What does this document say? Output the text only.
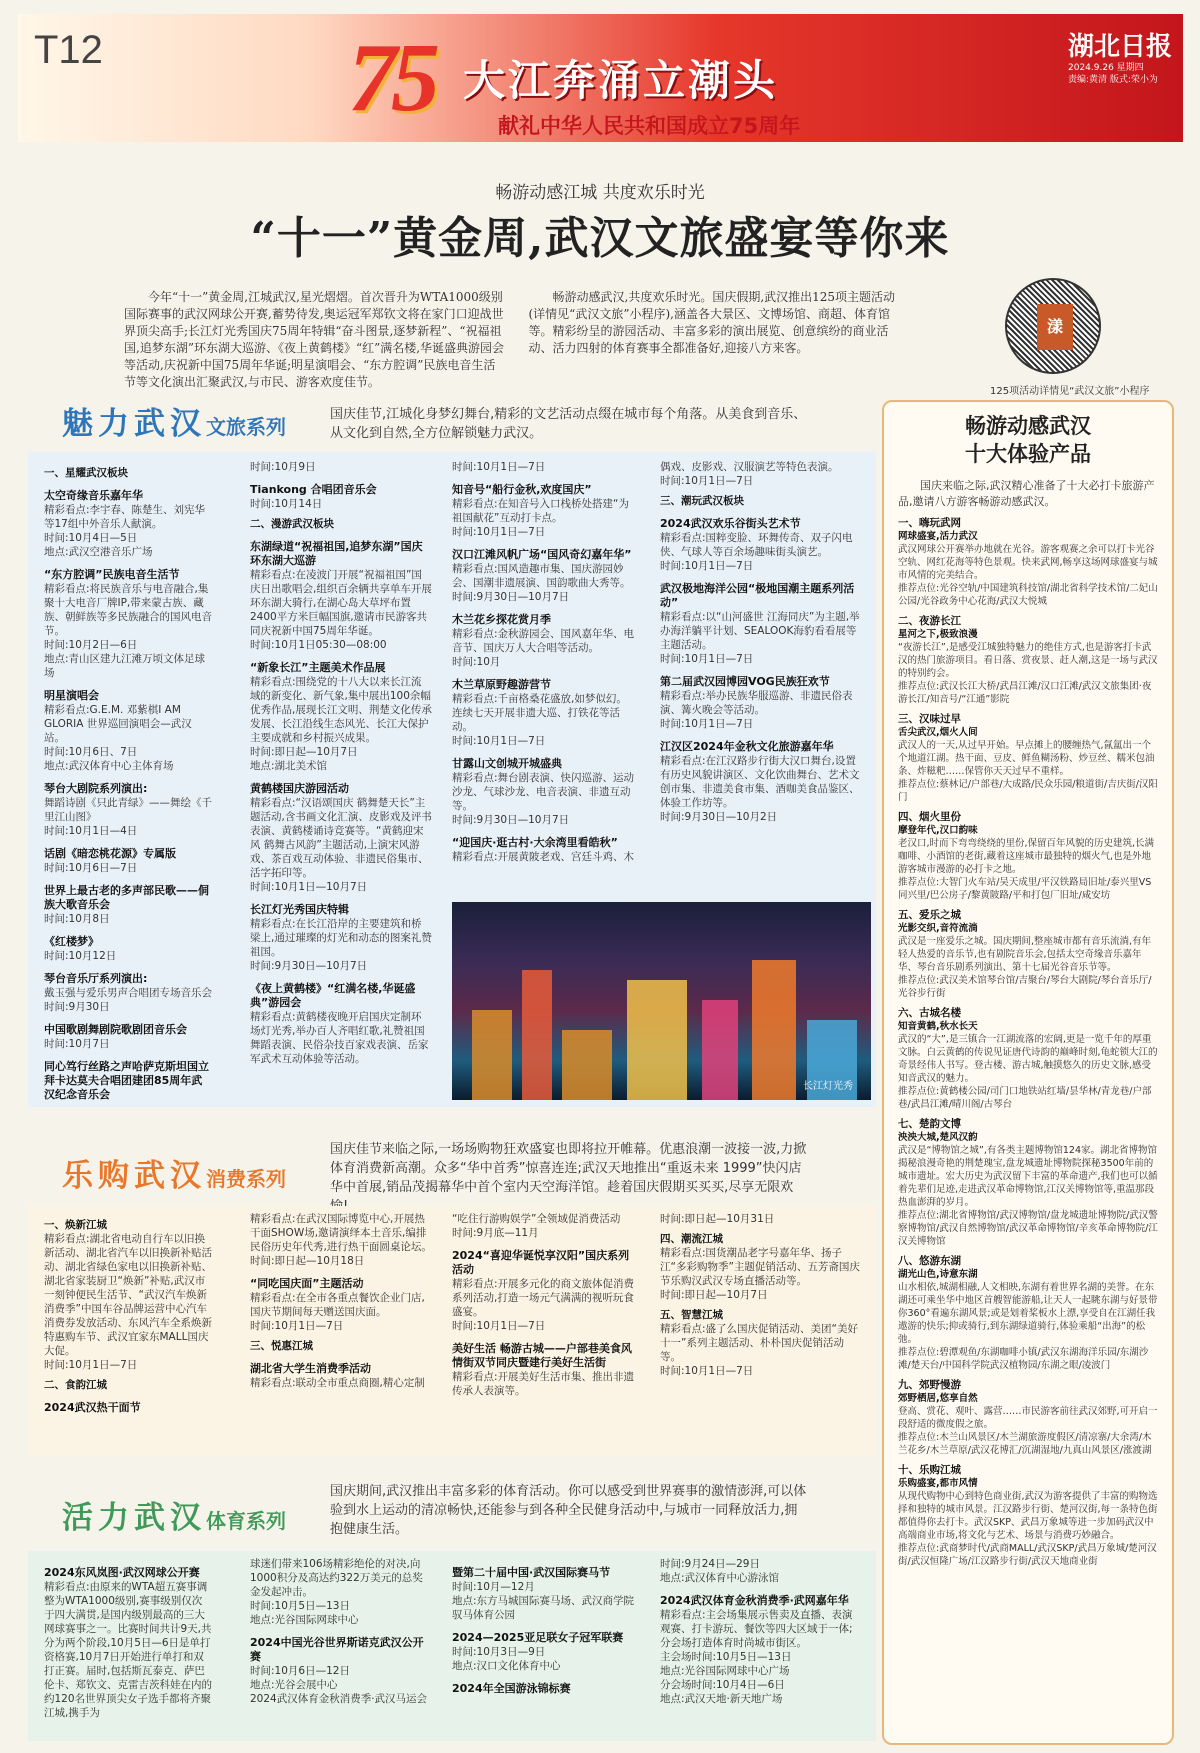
T12	75 大江奔涌立潮头
献礼中华人民共和国成立75周年
湖北日报
2024.9.26 星期四
责编:黄清 版式:荣小为
畅游动感江城 共度欢乐时光
“十一”黄金周,武汉文旅盛宴等你来

今年“十一”黄金周,江城武汉,星光熠熠。首次晋升为WTA1000级别国际赛事的武汉网球公开赛,蓄势待发,奥运冠军郑钦文将在家门口迎战世界顶尖高手;长江灯光秀国庆75周年特辑“奋斗图景,逐梦新程”、“祝福祖国,追梦东湖”环东湖大巡游、《夜上黄鹤楼》“红”满名楼,华诞盛典游园会等活动,庆祝新中国75周年华诞;明星演唱会、“东方腔调”民族电音生活节等文化演出汇聚武汉,与市民、游客欢度佳节。

畅游动感武汉,共度欢乐时光。国庆假期,武汉推出125项主题活动(详情见“武汉文旅”小程序),涵盖各大景区、文博场馆、商超、体育馆等。精彩纷呈的游园活动、丰富多彩的演出展览、创意缤纷的商业活动、活力四射的体育赛事全都准备好,迎接八方来客。

漾
125项活动详情见“武汉文旅”小程序
魅力武汉文旅系列
国庆佳节,江城化身梦幻舞台,精彩的文艺活动点缀在城市每个角落。从美食到音乐、从文化到自然,全方位解锁魅力武汉。

一、星耀武汉板块

太空奇缘音乐嘉年华

精彩看点:李宇春、陈楚生、刘宪华等17组中外音乐人献演。

时间:10月4日—5日

地点:武汉空港音乐广场

“东方腔调”民族电音生活节

精彩看点:将民族音乐与电音融合,集聚十大电音厂牌IP,带来蒙古族、藏族、朝鲜族等多民族融合的国风电音节。

时间:10月2日—6日

地点:青山区建九江滩万顷文体足球场

明星演唱会

精彩看点:G.E.M. 邓紫棋I AM GLORIA 世界巡回演唱会—武汉站。

时间:10月6日、7日

地点:武汉体育中心主体育场

琴台大剧院系列演出:

舞蹈诗剧《只此青绿》——舞绘《千里江山图》

时间:10月1日—4日

话剧《暗恋桃花源》专属版

时间:10月6日—7日

世界上最古老的多声部民歌——侗族大歌音乐会

时间:10月8日

《红楼梦》

时间:10月12日

琴台音乐厅系列演出:

戴玉强与爱乐男声合唱团专场音乐会

时间:9月30日

中国歌剧舞剧院歌剧团音乐会

时间:10月7日

同心笃行丝路之声哈萨克斯坦国立拜卡达莫夫合唱团建团85周年武汉纪念音乐会

时间:10月9日

Tiankong 合唱团音乐会

时间:10月14日

二、漫游武汉板块

东湖绿道“祝福祖国,追梦东湖”国庆环东湖大巡游

精彩看点:在凌波门开展“祝福祖国”国庆日出歌唱会,组织百余辆共享单车开展环东湖大骑行,在湖心岛大草坪布置2400平方米巨幅国旗,邀请市民游客共同庆祝新中国75周年华诞。

时间:10月1日05:30—08:00

“新象长江”主题美术作品展

精彩看点:围绕党的十八大以来长江流域的新变化、新气象,集中展出100余幅优秀作品,展现长江文明、荆楚文化传承发展、长江沿线生态风光、长江大保护主要成就和乡村振兴成果。

时间:即日起—10月7日

地点:湖北美术馆

黄鹤楼国庆游园活动

精彩看点:“汉语颂国庆 鹤舞楚天长”主题活动,含书画文化汇演、皮影戏及评书表演、黄鹤楼诵诗竞赛等。“黄鹤迎宋风 鹤舞古风韵”主题活动,上演宋风游戏、茶百戏互动体验、非遗民俗集市、活字拓印等。

时间:10月1日—10月7日

长江灯光秀国庆特辑

精彩看点:在长江沿岸的主要建筑和桥梁上,通过璀璨的灯光和动态的图案礼赞祖国。

时间:9月30日—10月7日

《夜上黄鹤楼》“红满名楼,华诞盛典”游园会

精彩看点:黄鹤楼夜晚开启国庆定制环场灯光秀,举办百人齐唱红歌,礼赞祖国舞蹈表演、民俗杂技百家戏表演、岳家军武术互动体验等活动。

时间:10月1日—7日

知音号“船行金秋,欢度国庆”

精彩看点:在知音号入口栈桥处搭建“为祖国献花”互动打卡点。

时间:10月1日—7日

汉口江滩风帆广场“国风奇幻嘉年华”

精彩看点:国风造趣市集、国庆游园妙会、国潮非遗展演、国韵歌曲大秀等。

时间:9月30日—10月7日

木兰花乡探花赏月季

精彩看点:金秋游园会、国风嘉年华、电音节、国庆万人大合唱等活动。

时间:10月

木兰草原野趣游营节

精彩看点:千亩格桑花盛放,如梦似幻。连续七天开展非遗大巡、打铁花等活动。

时间:10月1日—7日

甘露山文创城开城盛典

精彩看点:舞台剧表演、快闪巡游、运动沙龙、气球沙龙、电音表演、非遗互动等。

时间:9月30日—10月7日

“迎国庆·逛古村·大余湾里看皓秋”

精彩看点:开展黄陂老戏、宫廷斗鸡、木

偶戏、皮影戏、汉服演艺等特色表演。

时间:10月1日—7日

三、潮玩武汉板块

2024武汉欢乐谷街头艺术节

精彩看点:国粹变脸、环舞传奇、双子闪电侠、气球人等百余场趣味街头演艺。

时间:10月1日—7日

武汉极地海洋公园“极地国潮主题系列活动”

精彩看点:以“山河盛世 江海同庆”为主题,举办海洋躺平计划、SEALOOK海豹看看展等主题活动。

时间:10月1日—7日

第二届武汉园博园VOG民族狂欢节

精彩看点:举办民族华服巡游、非遗民俗表演、篝火晚会等活动。

时间:10月1日—7日

江汉区2024年金秋文化旅游嘉年华

精彩看点:在江汉路步行街大汉口舞台,设置有历史风貌讲演区、文化饮曲舞台、艺术文创市集、非遗美食市集、酒咖美食品鉴区、体验工作坊等。

时间:9月30日—10月2日

长江灯光秀
乐购武汉消费系列
国庆佳节来临之际,一场场购物狂欢盛宴也即将拉开帷幕。优惠浪潮一波接一波,力掀体育消费新高潮。众多“华中首秀”惊喜连连;武汉天地推出“重返未来 1999”快闪店华中首展,销品茂揭幕华中首个室内天空海洋馆。趁着国庆假期买买买,尽享无限欢

一、焕新江城

精彩看点:湖北省电动自行车以旧换新活动、湖北省汽车以旧换新补贴活动、湖北省绿色家电以旧换新补贴、湖北省家装厨卫“焕新”补贴,武汉市一刻钟便民生活节、“武汉汽车焕新消费季”中国车谷品牌运营中心汽车消费券发放活动、东风汽车全系焕新特惠购车节、武汉宜家东MALL国庆大促。

时间:10月1日—7日

二、食韵江城

2024武汉热干面节

精彩看点:在武汉国际博览中心,开展热干面SHOW场,邀请演绎本土音乐,编排民俗历史年代秀,进行热干面圆桌论坛。

时间:即日起—10月18日

“同吃国庆面”主题活动

精彩看点:在全市各重点餐饮企业门店,国庆节期间每天赠送国庆面。

时间:10月1日—7日

三、悦惠江城

湖北省大学生消费季活动

精彩看点:联动全市重点商圈,精心定制

“吃住行游购娱学”全领域促消费活动

时间:9月底—11月

2024“喜迎华诞悦享汉阳”国庆系列活动

精彩看点:开展多元化的商文旅体促消费系列活动,打造一场元气满满的视听玩食盛宴。

时间:10月1日—7日

美好生活 畅游古城——户部巷美食风情街双节同庆暨建行美好生活街

精彩看点:开展美好生活市集、推出非遗传承人表演等。

时间:即日起—10月31日

四、潮流江城

精彩看点:国货潮品老字号嘉年华、扬子江“多彩购物季”主题促销活动、五芳斋国庆节乐购汉武汉专场直播活动等。

时间:即日起—10月7日

五、智慧江城

精彩看点:盛了么国庆促销活动、美团“美好十一”系列主题活动、朴朴国庆促销活动等。

时间:10月1日—7日

活力武汉体育系列
国庆期间,武汉推出丰富多彩的体育活动。你可以感受到世界赛事的激情澎湃,可以体验到水上运动的清凉畅快,还能参与到各种全民健身活动中,与城市一同释放活力,拥抱健康生活。

2024东风岚图·武汉网球公开赛

精彩看点:由原来的WTA超五赛事调整为WTA1000级别,赛事级别仅次于四大满贯,是国内级别最高的三大网球赛事之一。比赛时间共计9天,共分为两个阶段,10月5日—6日是单打资格赛,10月7日开始进行单打和双打正赛。届时,包括斯瓦泰克、萨巴伦卡、郑钦文、克雷吉茨科娃在内的约120名世界顶尖女子选手都将齐聚江城,携手为

球迷们带来106场精彩绝伦的对决,向1000积分及高达约322万美元的总奖金发起冲击。

时间:10月5日—13日

地点:光谷国际网球中心

2024中国光谷世界斯诺克武汉公开赛

时间:10月6日—12日

地点:光谷会展中心

2024武汉体育金秋消费季·武汉马运会

暨第二十届中国·武汉国际赛马节

时间:10月—12月

地点:东方马城国际赛马场、武汉商学院驭马体育公园

2024—2025亚足联女子冠军联赛

时间:10月3日—9日

地点:汉口文化体育中心

2024年全国游泳锦标赛

时间:9月24日—29日

地点:武汉体育中心游泳馆

2024武汉体育金秋消费季·武网嘉年华

精彩看点:主会场集展示售卖及直播、表演观赛、打卡游玩、餐饮等四大区域于一体;分会场打造体育时尚城市街区。

主会场时间:10月5日—13日

地点:光谷国际网球中心广场

分会场时间:10月4日—6日

地点:武汉天地·新天地广场

畅游动感武汉
十大体验产品
国庆来临之际,武汉精心准备了十大必打卡旅游产品,邀请八方游客畅游动感武汉。

一、嗨玩武网

网球盛宴,活力武汉

武汉网球公开赛举办地就在光谷。游客观赛之余可以打卡光谷空轨、网红花海等特色景观。快来武网,畅享这场网球盛宴与城市风情的完美结合。

推荐点位:光谷空轨/中国建筑科技馆/湖北省科学技术馆/二妃山公园/光谷政务中心花海/武汉大悦城

二、夜游长江

星河之下,极致浪漫

“夜游长江”,是感受江城独特魅力的绝佳方式,也是游客打卡武汉的热门旅游项目。看日落、赏夜景、赶人潮,这是一场与武汉的特别约会。

推荐点位:武汉长江大桥/武昌江滩/汉口江滩/武汉文旅集团·夜游长江/知音号/“江通”影院

三、汉味过早

舌尖武汉,烟火人间

武汉人的一天,从过早开始。早点摊上的腰缠热气,氤氲出一个个地道江湖。热干面、豆皮、鲜鱼糊汤粉、炒豆丝、糯米包油条、炸糍粑……保管你天天过早不重样。

推荐点位:蔡林记/户部巷/大成路/民众乐园/粮道街/吉庆街/汉阳门

四、烟火里份

摩登年代,汉口韵味

老汉口,时而下弯弯绕绕的里份,保留百年风貌的历史建筑,长满咖啡、小酒馆的老街,藏着这座城市最独特的烟火气,也是外地游客城市漫游的必打卡之地。

推荐点位:大智门火车站/吴天成里/平汉铁路局旧址/泰兴里VS同兴里/巴公房子/黎黄陂路/平和打包厂旧址/咸安坊

五、爱乐之城

光影交织,音符流淌

武汉是一座爱乐之城。国庆期间,整座城市都有音乐流淌,有年轻人热爱的音乐节,也有剧院音乐会,包括太空奇缘音乐嘉年华、琴台音乐剧系列演出、第十七届光谷音乐节等。

推荐点位:武汉美术馆琴台馆/吉聚台/琴台大剧院/琴台音乐厅/光谷步行街

六、古城名楼

知音黄鹤,秋水长天

武汉的“大”,是三镇合一江湖流落的宏阔,更是一览千年的厚重文脉。白云黄鹤的传说见证唐代诗韵的巅峰时刻,龟蛇锁大江的奇景经伟人书写。登古楼、游古城,触摸悠久的历史文脉,感受知音武汉的魅力。

推荐点位:黄鹤楼公园/司门口地铁站红墙/昙华林/青龙巷/户部巷/武昌江滩/晴川阁/古琴台

七、楚韵文博

泱泱大城,楚风汉韵

武汉是“博物馆之城”,有各类主题博物馆124家。湖北省博物馆揭秘浪漫奇艳的荆楚瑰宝,盘龙城遗址博物院探秘3500年前的城市遗址。宏大历史为武汉留下丰富的革命遗产,我们也可以循着先辈们足迹,走进武汉革命博物馆,江汉关博物馆等,重温那段热血澎湃的岁月。

推荐点位:湖北省博物馆/武汉博物馆/盘龙城遗址博物院/武汉警察博物馆/武汉自然博物馆/武汉革命博物馆/辛亥革命博物院/江汉关博物馆

八、悠游东湖

湖光山色,诗意东湖

山水相依,城湖相融,人文相映,东湖有着世界名湖的美誉。在东湖还可乘坐华中地区首艘智能游船,让天人一起眺东湖与好景带你360°看遍东湖风景;或是划着桨板水上漂,享受自在江湖任我遨游的快乐;抑或骑行,到东湖绿道骑行,体验乘船“出海”的松弛。

推荐点位:碧潭观鱼/东湖咖啡小镇/武汉东湖海洋乐园/东湖沙滩/楚天台/中国科学院武汉植物园/东湖之眼/凌波门

九、郊野慢游

郊野栖居,悠享自然

登高、赏花、观叶、露营……市民游客前往武汉郊野,可开启一段舒适的微度假之旅。

推荐点位:木兰山风景区/木兰湖旅游度假区/清凉寨/大余湾/木兰花乡/木兰草原/武汉花博汇/沉湖湿地/九真山风景区/涨渡湖

十、乐购江城

乐购盛宴,都市风情

从现代购物中心到特色商业街,武汉为游客提供了丰富的购物选择和独特的城市风景。江汉路步行街、楚河汉街,每一条特色街都值得你去打卡。武汉SKP、武昌万象城等进一步加码武汉中高端商业市场,将文化与艺术、场景与消费巧妙融合。

推荐点位:武商梦时代/武商MALL/武汉SKP/武昌万象城/楚河汉街/武汉恒隆广场/江汉路步行街/武汉天地商业街
